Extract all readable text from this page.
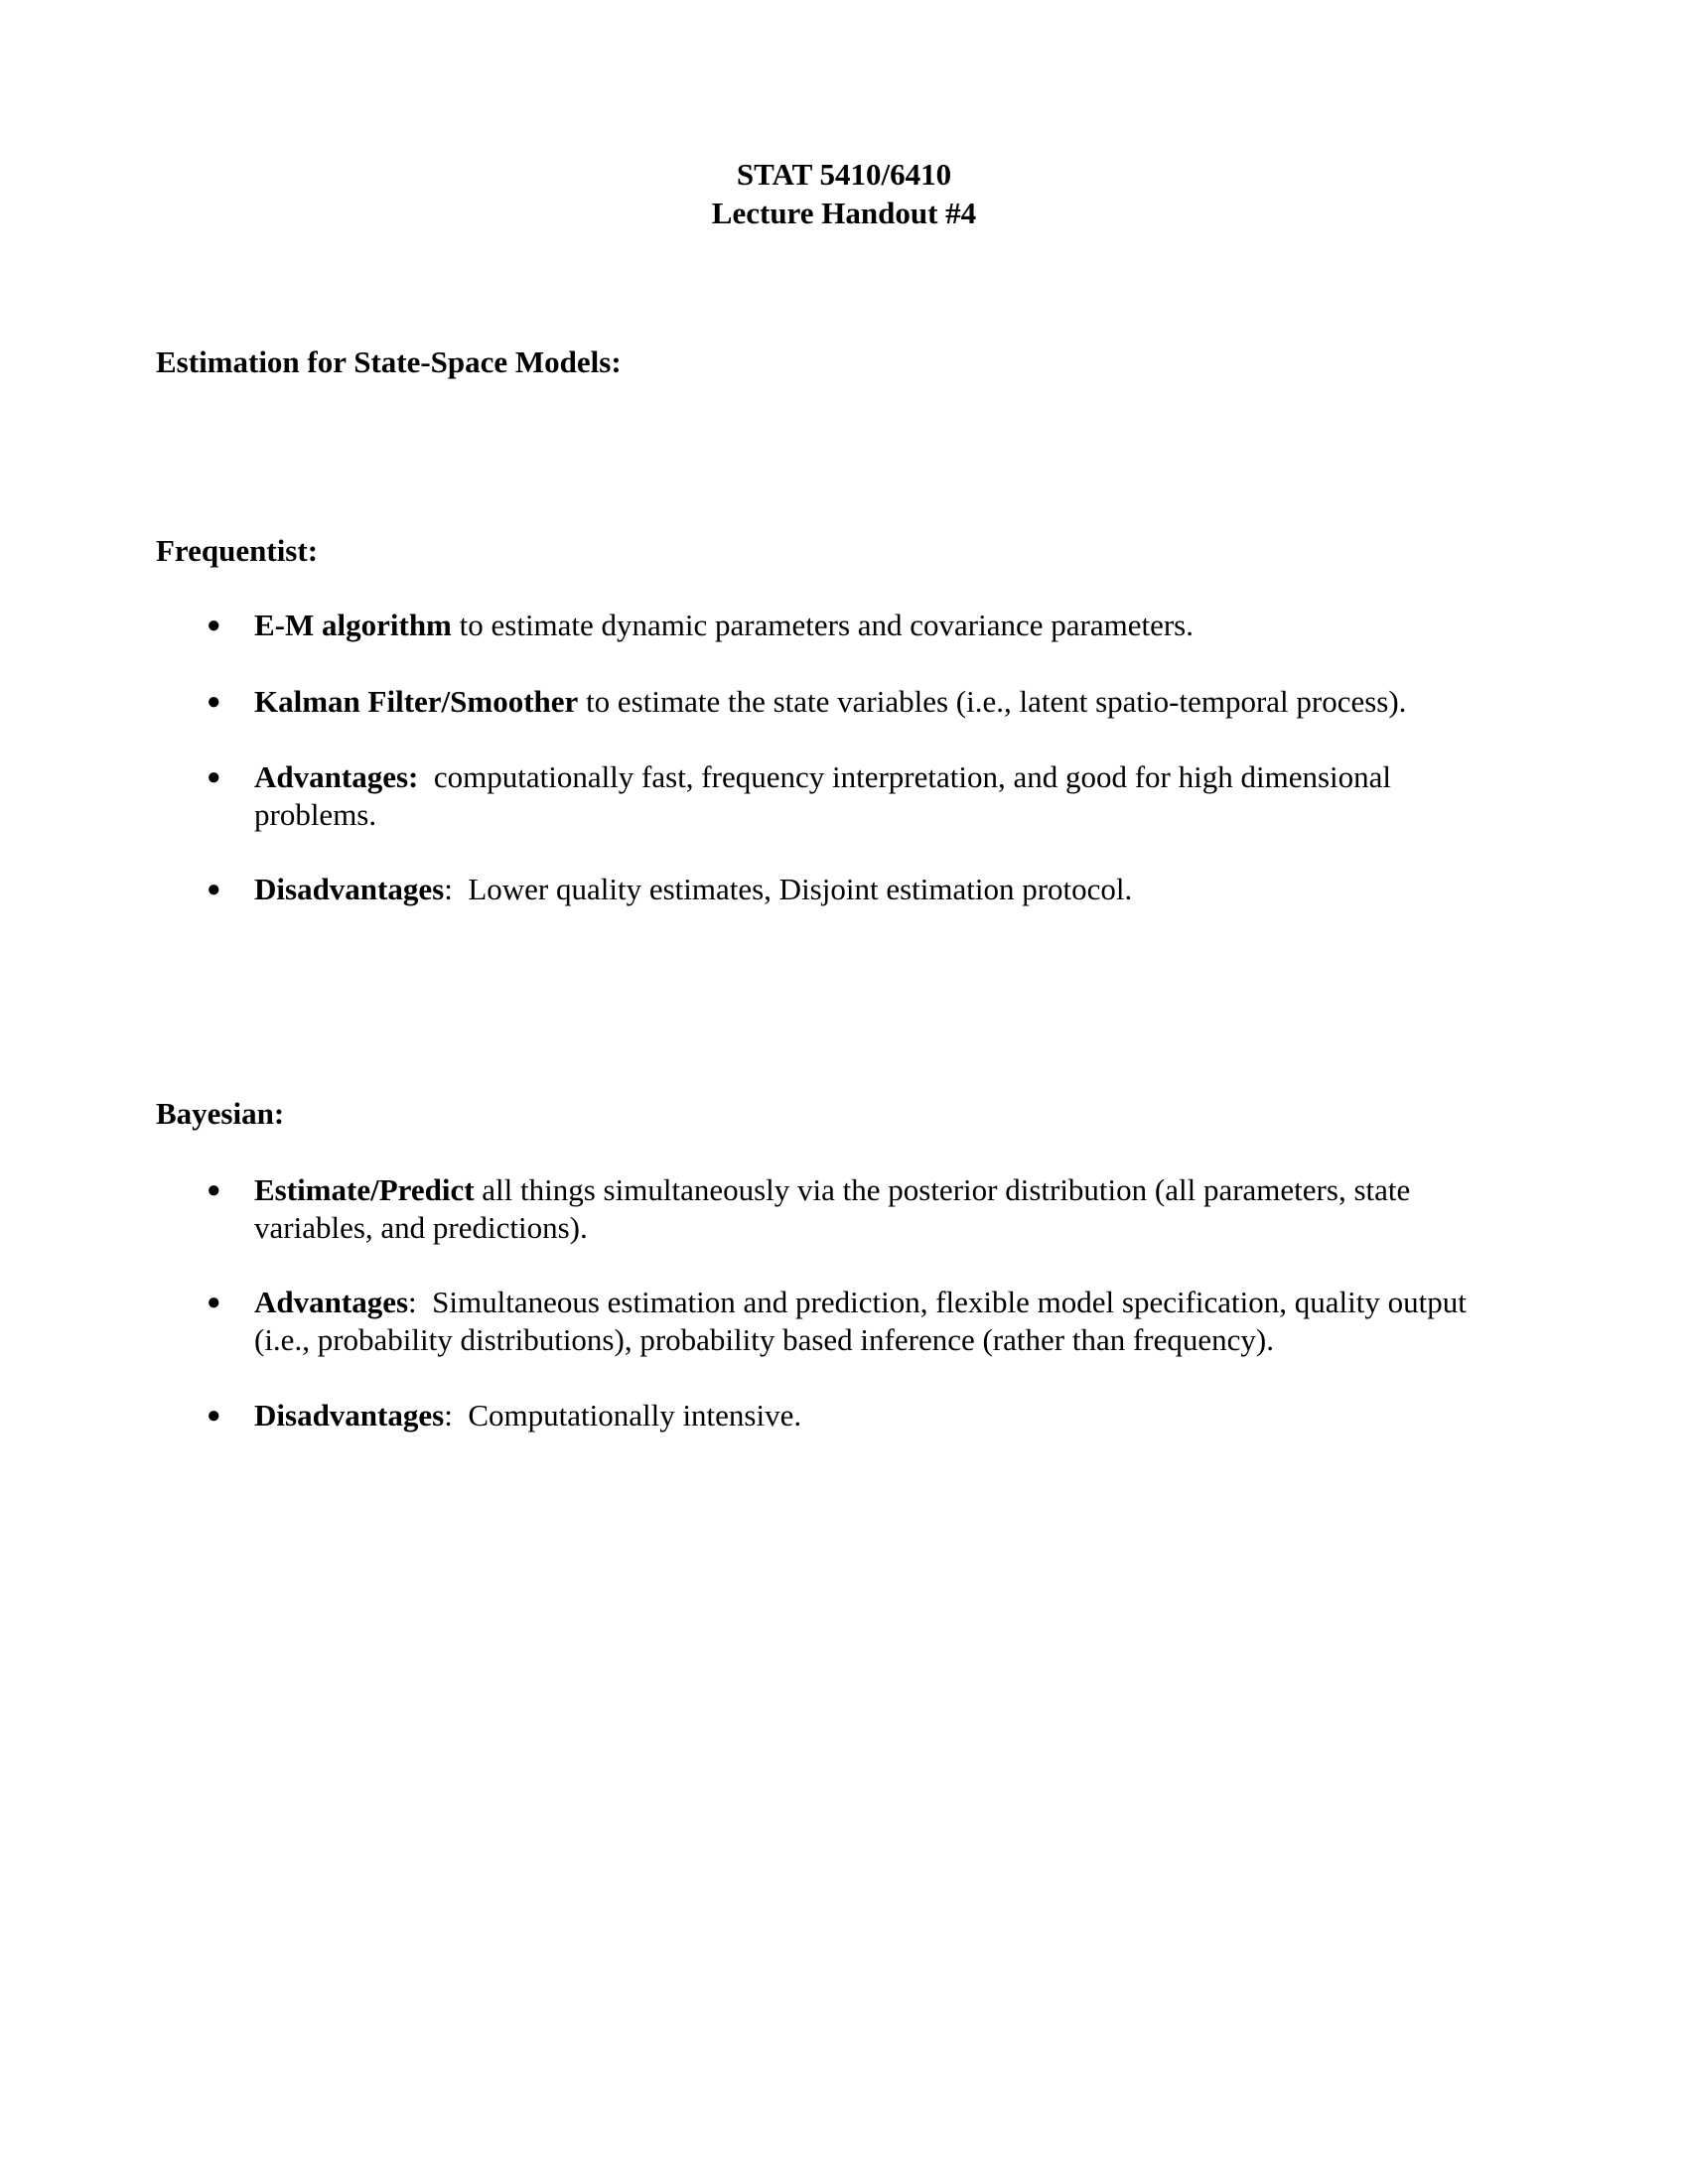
STAT 5410/6410
Lecture Handout #4
Estimation for State-Space Models:
Frequentist:
●	E-M algorithm to estimate dynamic parameters and covariance parameters.
●	Kalman Filter/Smoother to estimate the state variables (i.e., latent spatio-temporal process).
●	Advantages:  computationally fast, frequency interpretation, and good for high dimensional problems.
●	Disadvantages:  Lower quality estimates, Disjoint estimation protocol.
Bayesian:
●	Estimate/Predict all things simultaneously via the posterior distribution (all parameters, state variables, and predictions).
●	Advantages:  Simultaneous estimation and prediction, flexible model specification, quality output (i.e., probability distributions), probability based inference (rather than frequency).
●	Disadvantages:  Computationally intensive.
